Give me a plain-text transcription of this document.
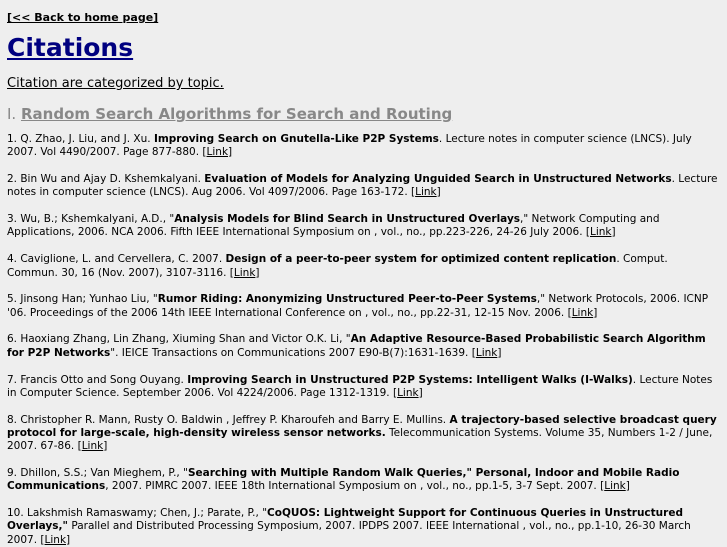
[<< Back to home page]
Citations
Citation are categorized by topic.
I. Random Search Algorithms for Search and Routing

1. Q. Zhao, J. Liu, and J. Xu. Improving Search on Gnutella-Like P2P Systems. Lecture notes in computer science (LNCS). July 2007. Vol 4490/2007. Page 877-880. [Link]

2. Bin Wu and Ajay D. Kshemkalyani. Evaluation of Models for Analyzing Unguided Search in Unstructured Networks. Lecture notes in computer science (LNCS). Aug 2006. Vol 4097/2006. Page 163-172. [Link]

3. Wu, B.; Kshemkalyani, A.D., "Analysis Models for Blind Search in Unstructured Overlays," Network Computing and Applications, 2006. NCA 2006. Fifth IEEE International Symposium on , vol., no., pp.223-226, 24-26 July 2006. [Link]

4. Caviglione, L. and Cervellera, C. 2007. Design of a peer-to-peer system for optimized content replication. Comput. Commun. 30, 16 (Nov. 2007), 3107-3116. [Link]

5. Jinsong Han; Yunhao Liu, "Rumor Riding: Anonymizing Unstructured Peer-to-Peer Systems," Network Protocols, 2006. ICNP '06. Proceedings of the 2006 14th IEEE International Conference on , vol., no., pp.22-31, 12-15 Nov. 2006. [Link]

6. Haoxiang Zhang, Lin Zhang, Xiuming Shan and Victor O.K. Li, "An Adaptive Resource-Based Probabilistic Search Algorithm for P2P Networks". IEICE Transactions on Communications 2007 E90-B(7):1631-1639. [Link]

7. Francis Otto and Song Ouyang. Improving Search in Unstructured P2P Systems: Intelligent Walks (I-Walks). Lecture Notes in Computer Science. September 2006. Vol 4224/2006. Page 1312-1319. [Link]

8. Christopher R. Mann, Rusty O. Baldwin , Jeffrey P. Kharoufeh and Barry E. Mullins. A trajectory-based selective broadcast query protocol for large-scale, high-density wireless sensor networks. Telecommunication Systems. Volume 35, Numbers 1-2 / June, 2007. 67-86. [Link]

9. Dhillon, S.S.; Van Mieghem, P., "Searching with Multiple Random Walk Queries," Personal, Indoor and Mobile Radio Communications, 2007. PIMRC 2007. IEEE 18th International Symposium on , vol., no., pp.1-5, 3-7 Sept. 2007. [Link]

10. Lakshmish Ramaswamy; Chen, J.; Parate, P., "CoQUOS: Lightweight Support for Continuous Queries in Unstructured Overlays," Parallel and Distributed Processing Symposium, 2007. IPDPS 2007. IEEE International , vol., no., pp.1-10, 26-30 March 2007. [Link]
